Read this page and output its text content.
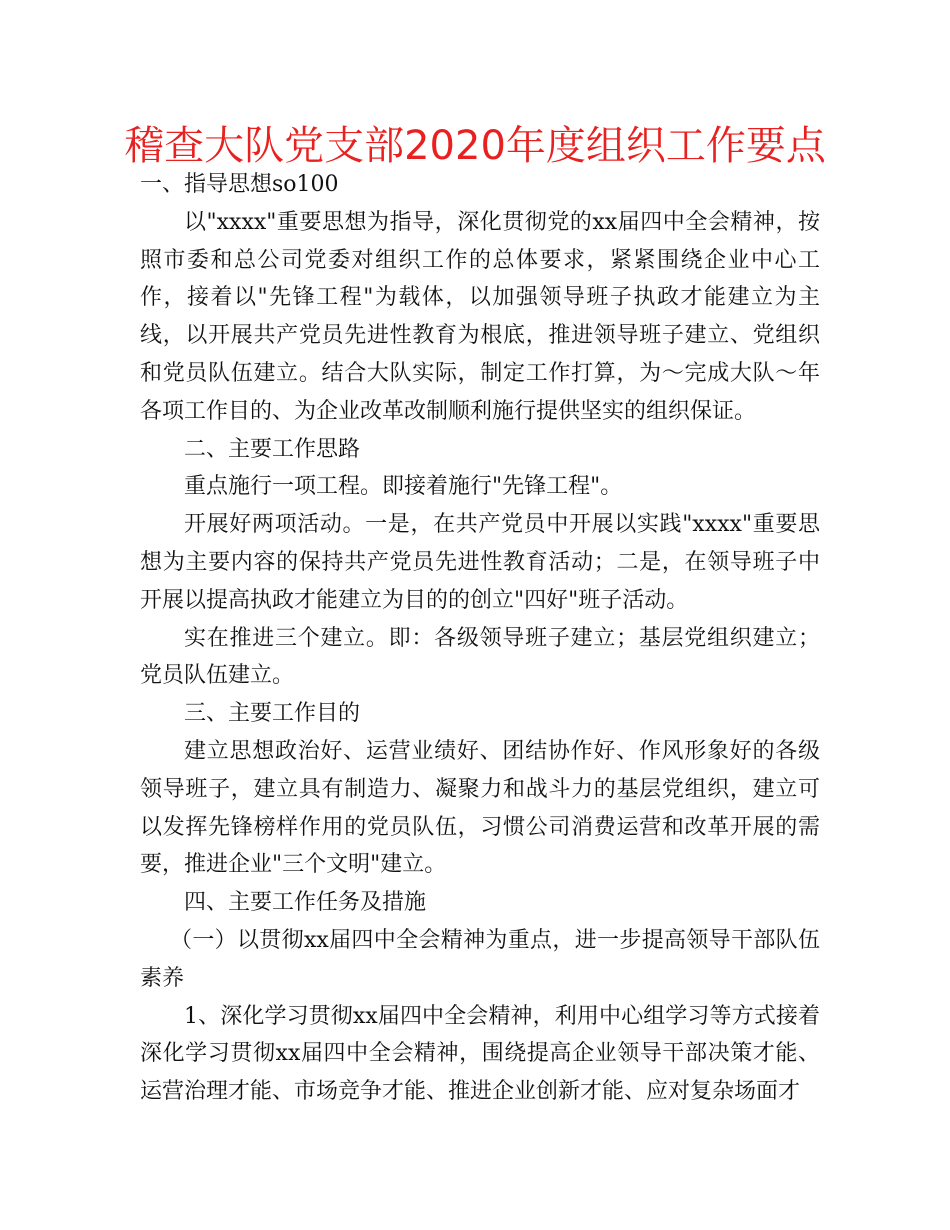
稽查大队党支部2020年度组织工作要点

一、指导思想so100

以"xxxx"重要思想为指导，深化贯彻党的xx届四中全会精神，按照市委和总公司党委对组织工作的总体要求，紧紧围绕企业中心工作，接着以"先锋工程"为载体，以加强领导班子执政才能建立为主线，以开展共产党员先进性教育为根底，推进领导班子建立、党组织和党员队伍建立。结合大队实际，制定工作打算，为～完成大队～年各项工作目的、为企业改革改制顺利施行提供坚实的组织保证。

二、主要工作思路

重点施行一项工程。即接着施行"先锋工程"。

开展好两项活动。一是，在共产党员中开展以实践"xxxx"重要思想为主要内容的保持共产党员先进性教育活动；二是，在领导班子中开展以提高执政才能建立为目的的创立"四好"班子活动。

实在推进三个建立。即：各级领导班子建立；基层党组织建立；党员队伍建立。

三、主要工作目的

建立思想政治好、运营业绩好、团结协作好、作风形象好的各级领导班子，建立具有制造力、凝聚力和战斗力的基层党组织，建立可以发挥先锋榜样作用的党员队伍，习惯公司消费运营和改革开展的需要，推进企业"三个文明"建立。

四、主要工作任务及措施

（一）以贯彻xx届四中全会精神为重点，进一步提高领导干部队伍素养

1、深化学习贯彻xx届四中全会精神，利用中心组学习等方式接着深化学习贯彻xx届四中全会精神，围绕提高企业领导干部决策才能、运营治理才能、市场竞争才能、推进企业创新才能、应对复杂场面才
